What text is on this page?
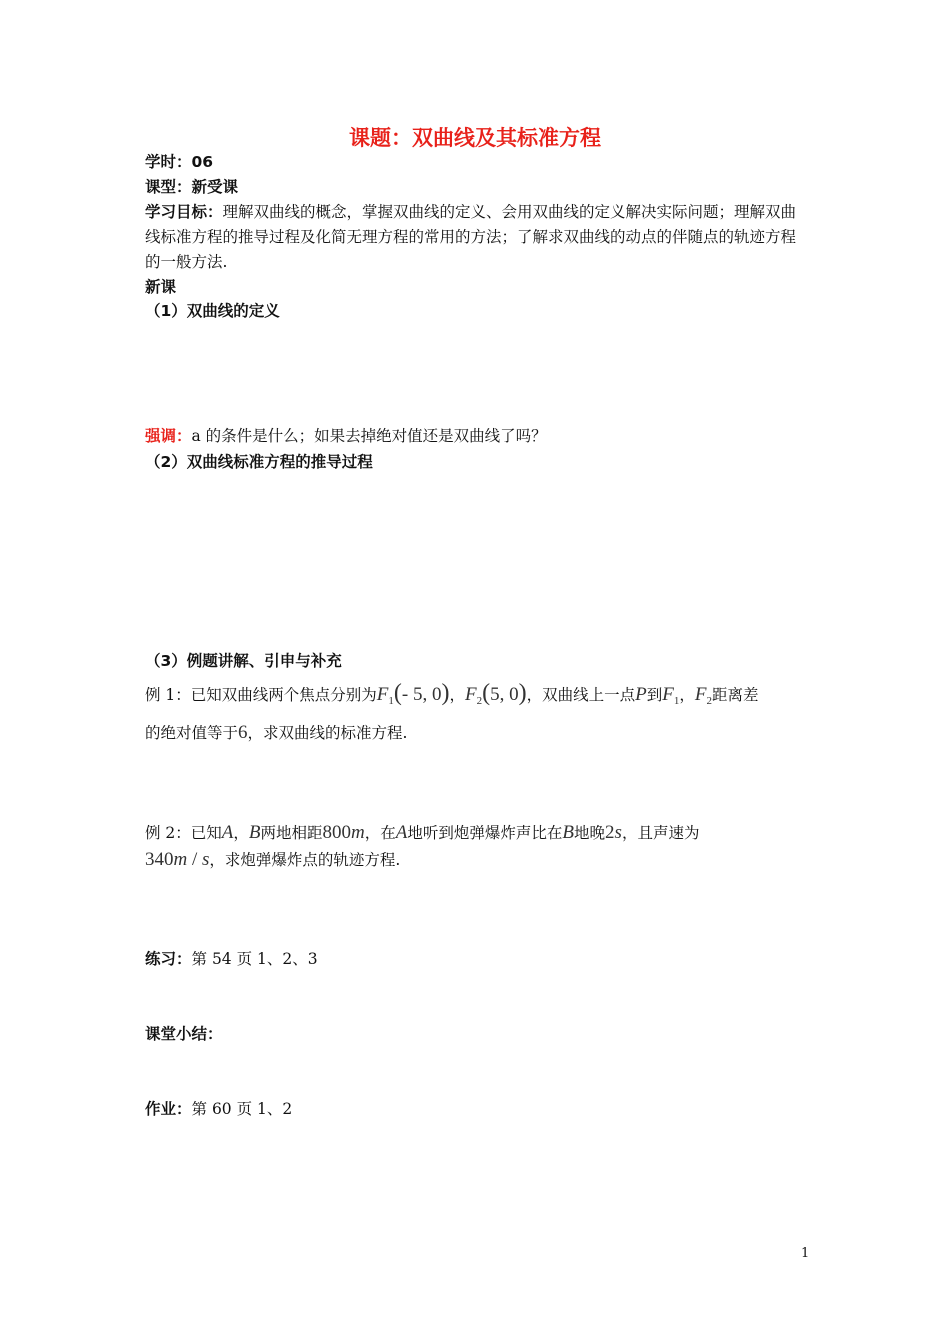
课题：双曲线及其标准方程
学时：06
课型：新受课
学习目标：理解双曲线的概念，掌握双曲线的定义、会用双曲线的定义解决实际问题；理解双曲线标准方程的推导过程及化简无理方程的常用的方法；了解求双曲线的动点的伴随点的轨迹方程的一般方法.
新课
（1）双曲线的定义
强调：a 的条件是什么；如果去掉绝对值还是双曲线了吗？
（2）双曲线标准方程的推导过程
（3）例题讲解、引申与补充
例 1：已知双曲线两个焦点分别为$F_1(-$ 5, 0)，$F_2(5$, 0)，双曲线上一点P到$F_1$，$F_2$距离差
的绝对值等于6，求双曲线的标准方程.
例 2：已知A，B两地相距800m，在A地听到炮弹爆炸声比在B地晚2s，且声速为
340m / s，求炮弹爆炸点的轨迹方程.
练习：第 54 页 1、2、3
课堂小结：
作业：第 60 页 1、2
1
